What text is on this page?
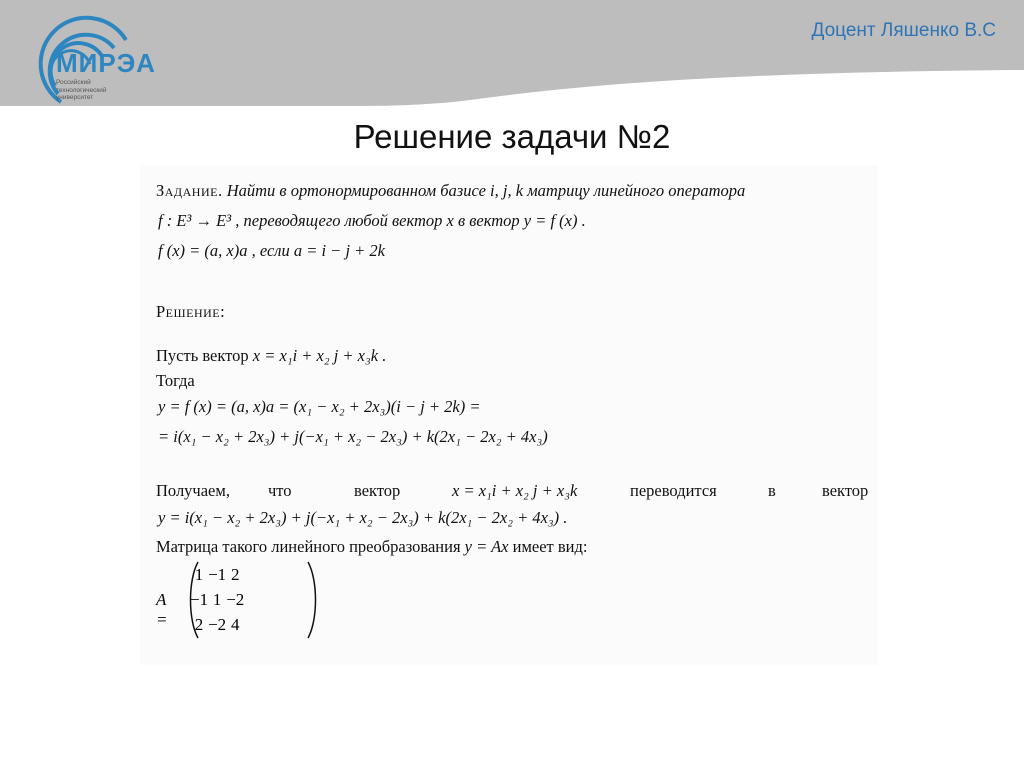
МИРЭА
Российский
технологический
университет
Доцент Ляшенко В.С
Решение задачи №2
Задание. Найти в ортонормированном базисе i, j, k матрицу линейного оператора
f : E³ → E³ , переводящего любой вектор x в вектор y = f (x) .
f (x) = (a, x)a , если a = i − j + 2k
Решение:
Пусть вектор x = x₁i + x₂ j + x₃k .
Тогда
y = f (x) = (a, x)a = (x₁ − x₂ + 2x₃)(i − j + 2k) =
= i(x₁ − x₂ + 2x₃) + j(−x₁ + x₂ − 2x₃) + k(2x₁ − 2x₂ + 4x₃)
Получаем, что	вектор	x = x₁i + x₂ j + x₃k	переводится	в	вектор
y = i(x₁ − x₂ + 2x₃) + j(−x₁ + x₂ − 2x₃) + k(2x₁ − 2x₂ + 4x₃) .
Матрица такого линейного преобразования y = Ax имеет вид:
A =
1	−1	2
−1	1	−2
2	−2	4
